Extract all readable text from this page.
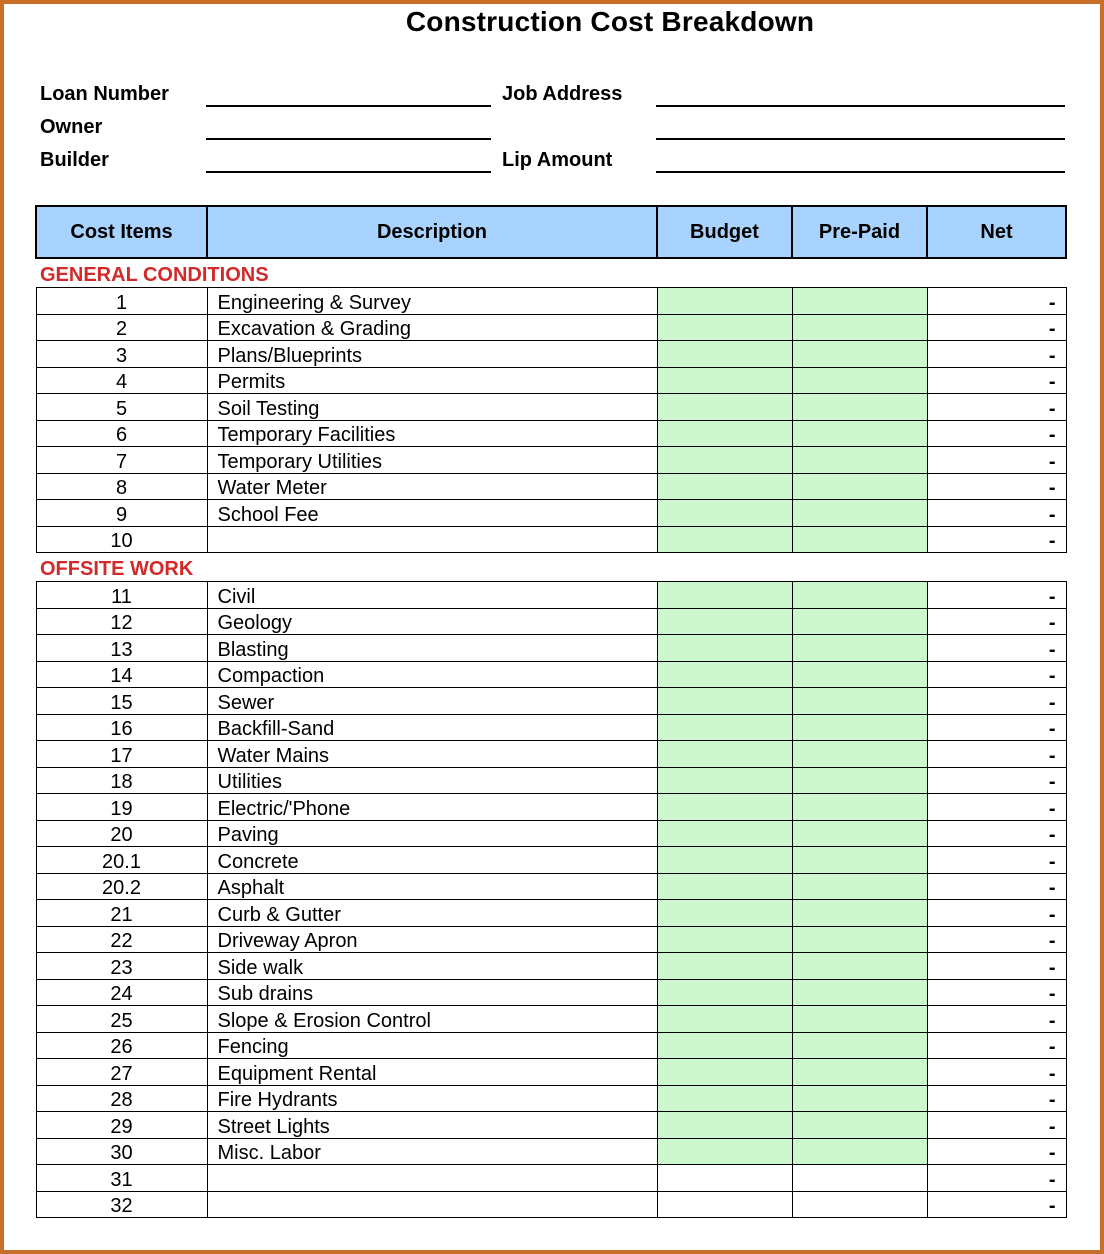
Construction Cost Breakdown
Loan Number
Owner
Builder
Job Address
Lip Amount
Cost Items	Description	Budget	Pre-Paid	Net
GENERAL CONDITIONS				
1	Engineering & Survey			-
2	Excavation & Grading			-
3	Plans/Blueprints			-
4	Permits			-
5	Soil Testing			-
6	Temporary Facilities			-
7	Temporary Utilities			-
8	Water Meter			-
9	School Fee			-
10				-
OFFSITE WORK				
11	Civil			-
12	Geology			-
13	Blasting			-
14	Compaction			-
15	Sewer			-
16	Backfill-Sand			-
17	Water Mains			-
18	Utilities			-
19	Electric/'Phone			-
20	Paving			-
20.1	Concrete			-
20.2	Asphalt			-
21	Curb & Gutter			-
22	Driveway Apron			-
23	Side walk			-
24	Sub drains			-
25	Slope & Erosion Control			-
26	Fencing			-
27	Equipment Rental			-
28	Fire Hydrants			-
29	Street Lights			-
30	Misc. Labor			-
31				-
32				-
